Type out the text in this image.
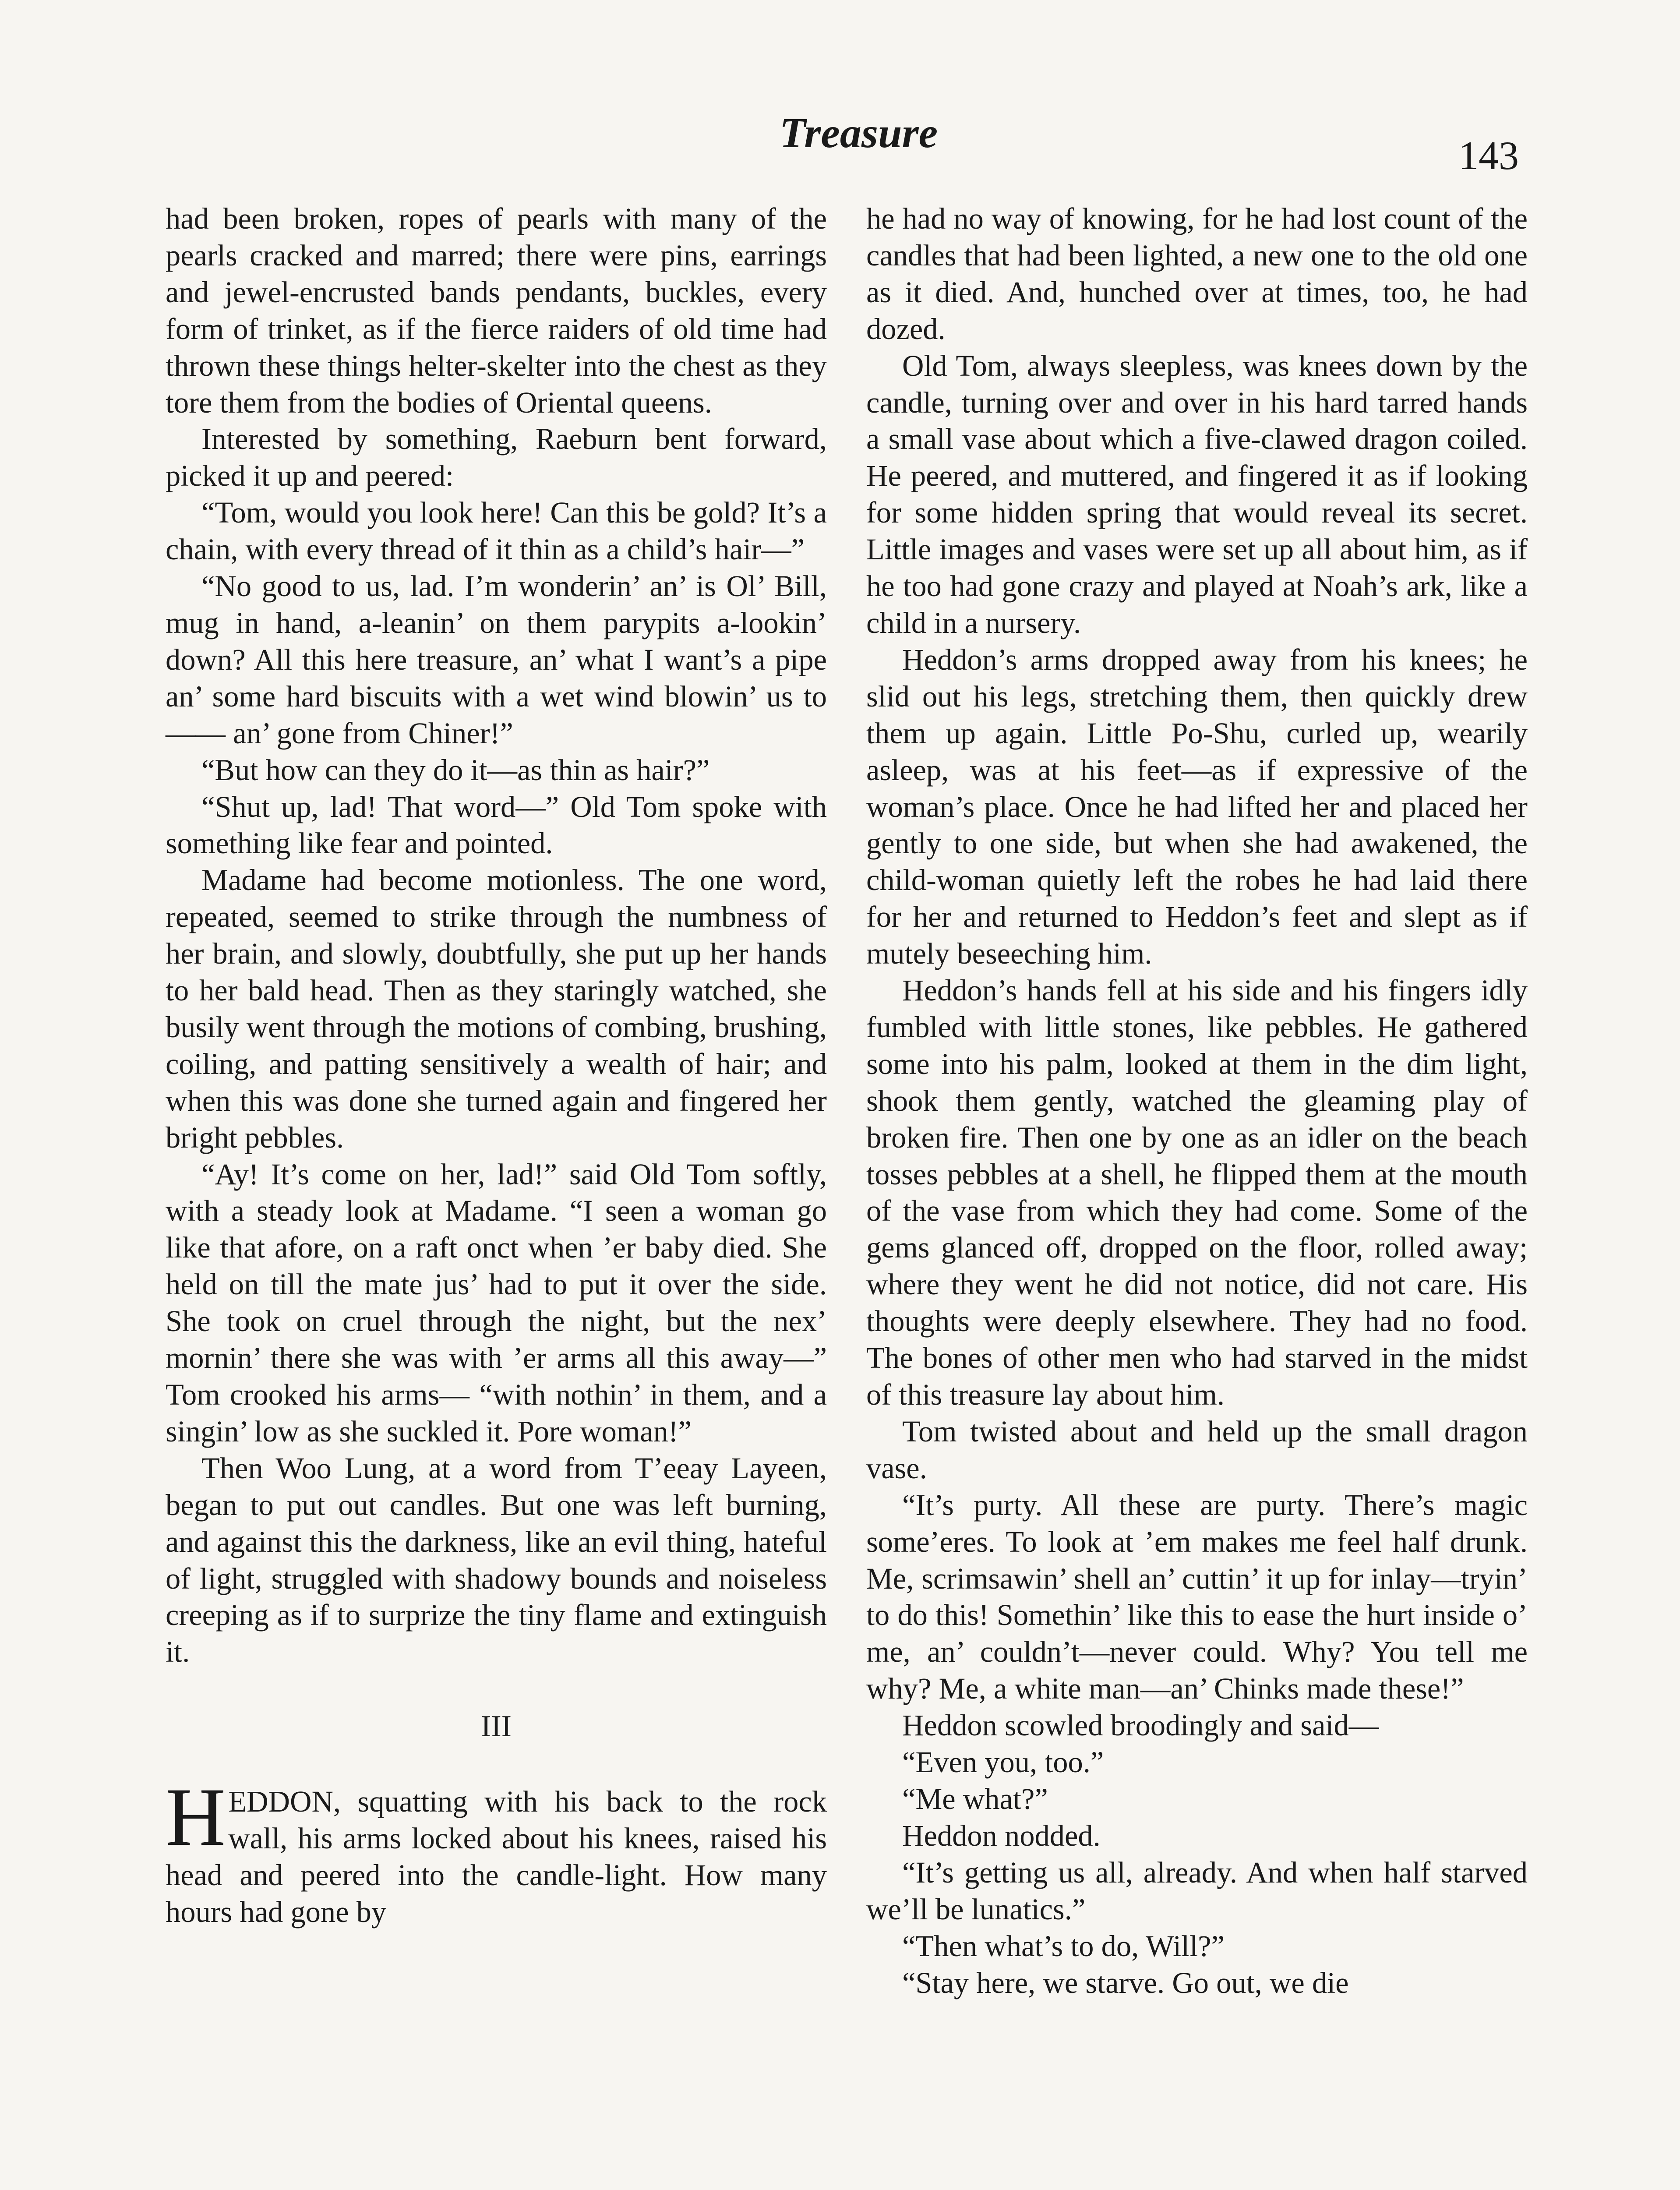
Treasure	143

had been broken, ropes of pearls with many of the pearls cracked and marred; there were pins, earrings and jewel-encrusted bands pendants, buckles, every form of trinket, as if the fierce raiders of old time had thrown these things helter-skelter into the chest as they tore them from the bodies of Oriental queens.

Interested by something, Raeburn bent forward, picked it up and peered:

“Tom, would you look here! Can this be gold? It’s a chain, with every thread of it thin as a child’s hair—”

“No good to us, lad. I’m wonderin’ an’ is Ol’ Bill, mug in hand, a-leanin’ on them parypits a-lookin’ down? All this here treasure, an’ what I want’s a pipe an’ some hard biscuits with a wet wind blowin’ us to —— an’ gone from Chiner!”

“But how can they do it—as thin as hair?”

“Shut up, lad! That word—” Old Tom spoke with something like fear and pointed.

Madame had become motionless. The one word, repeated, seemed to strike through the numbness of her brain, and slowly, doubtfully, she put up her hands to her bald head. Then as they staringly watched, she busily went through the motions of combing, brushing, coiling, and patting sensitively a wealth of hair; and when this was done she turned again and fingered her bright pebbles.

“Ay! It’s come on her, lad!” said Old Tom softly, with a steady look at Madame. “I seen a woman go like that afore, on a raft onct when ’er baby died. She held on till the mate jus’ had to put it over the side. She took on cruel through the night, but the nex’ mornin’ there she was with ’er arms all this away—” Tom crooked his arms— “with nothin’ in them, and a singin’ low as she suckled it. Pore woman!”

Then Woo Lung, at a word from T’eeay Layeen, began to put out candles. But one was left burning, and against this the darkness, like an evil thing, hateful of light, struggled with shadowy bounds and noiseless creeping as if to surprize the tiny flame and extinguish it.

III

HEDDON, squatting with his back to the rock wall, his arms locked about his knees, raised his head and peered into the candle-light. How many hours had gone by

he had no way of knowing, for he had lost count of the candles that had been lighted, a new one to the old one as it died. And, hunched over at times, too, he had dozed.

Old Tom, always sleepless, was knees down by the candle, turning over and over in his hard tarred hands a small vase about which a five-clawed dragon coiled. He peered, and muttered, and fingered it as if looking for some hidden spring that would reveal its secret. Little images and vases were set up all about him, as if he too had gone crazy and played at Noah’s ark, like a child in a nursery.

Heddon’s arms dropped away from his knees; he slid out his legs, stretching them, then quickly drew them up again. Little Po-Shu, curled up, wearily asleep, was at his feet—as if expressive of the woman’s place. Once he had lifted her and placed her gently to one side, but when she had awakened, the child-woman quietly left the robes he had laid there for her and returned to Heddon’s feet and slept as if mutely beseeching him.

Heddon’s hands fell at his side and his fingers idly fumbled with little stones, like pebbles. He gathered some into his palm, looked at them in the dim light, shook them gently, watched the gleaming play of broken fire. Then one by one as an idler on the beach tosses pebbles at a shell, he flipped them at the mouth of the vase from which they had come. Some of the gems glanced off, dropped on the floor, rolled away; where they went he did not notice, did not care. His thoughts were deeply elsewhere. They had no food. The bones of other men who had starved in the midst of this treasure lay about him.

Tom twisted about and held up the small dragon vase.

“It’s purty. All these are purty. There’s magic some’eres. To look at ’em makes me feel half drunk. Me, scrimsawin’ shell an’ cuttin’ it up for inlay—tryin’ to do this! Somethin’ like this to ease the hurt inside o’ me, an’ couldn’t—never could. Why? You tell me why? Me, a white man—an’ Chinks made these!”

Heddon scowled broodingly and said—

“Even you, too.”

“Me what?”

Heddon nodded.

“It’s getting us all, already. And when half starved we’ll be lunatics.”

“Then what’s to do, Will?”

“Stay here, we starve. Go out, we die
